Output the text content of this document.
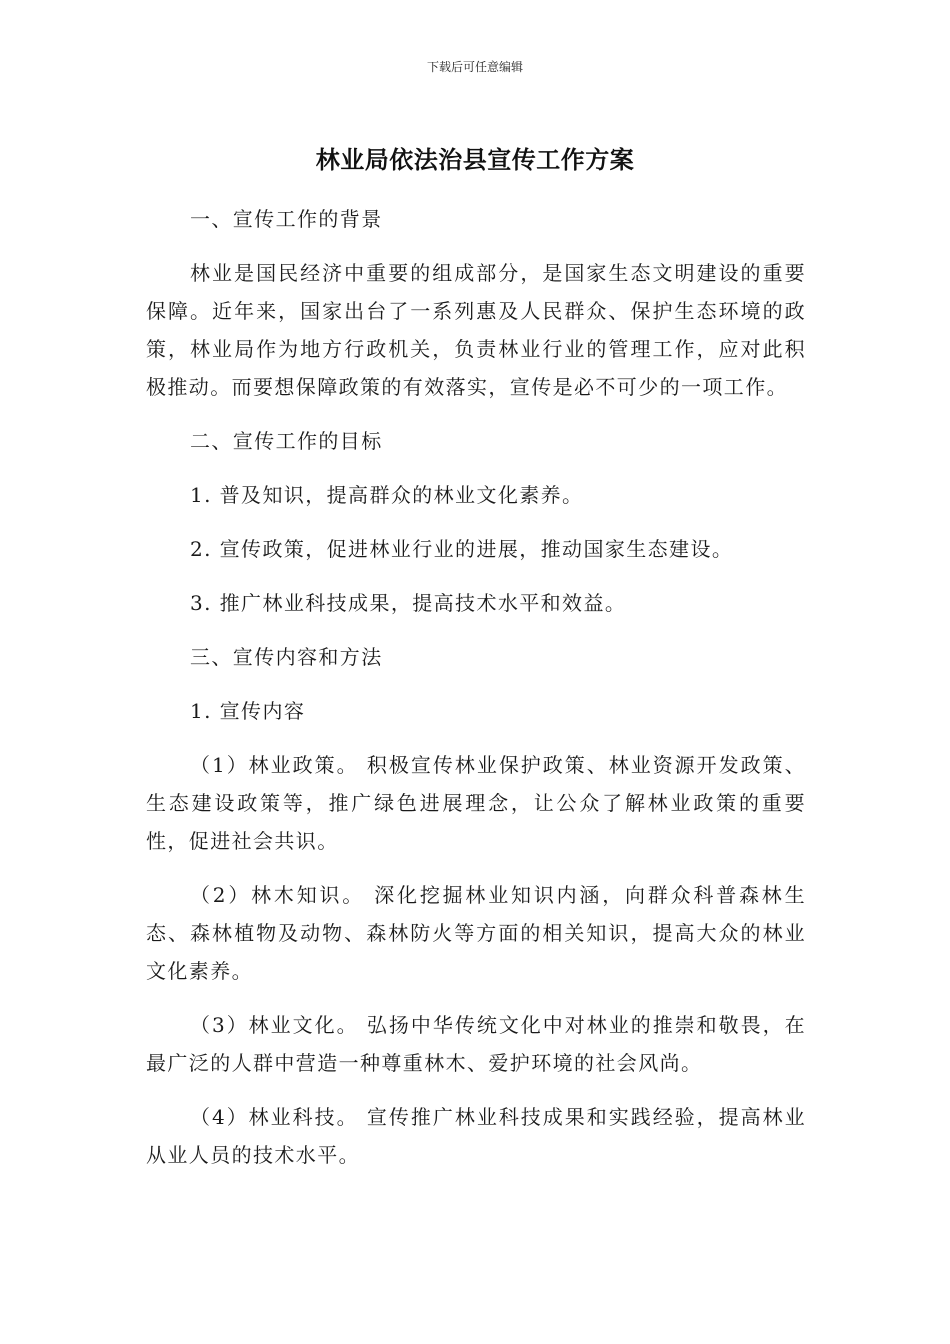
下载后可任意编辑
林业局依法治县宣传工作方案

一、宣传工作的背景

林业是国民经济中重要的组成部分，是国家生态文明建设的重要保障。近年来，国家出台了一系列惠及人民群众、保护生态环境的政策，林业局作为地方行政机关，负责林业行业的管理工作，应对此积极推动。而要想保障政策的有效落实，宣传是必不可少的一项工作。

二、宣传工作的目标

1. 普及知识，提高群众的林业文化素养。

2. 宣传政策，促进林业行业的进展，推动国家生态建设。

3. 推广林业科技成果，提高技术水平和效益。

三、宣传内容和方法

1. 宣传内容

（1）林业政策。 积极宣传林业保护政策、林业资源开发政策、生态建设政策等，推广绿色进展理念，让公众了解林业政策的重要性，促进社会共识。

（2）林木知识。 深化挖掘林业知识内涵，向群众科普森林生态、森林植物及动物、森林防火等方面的相关知识，提高大众的林业文化素养。

（3）林业文化。 弘扬中华传统文化中对林业的推崇和敬畏，在最广泛的人群中营造一种尊重林木、爱护环境的社会风尚。

（4）林业科技。 宣传推广林业科技成果和实践经验，提高林业从业人员的技术水平。
